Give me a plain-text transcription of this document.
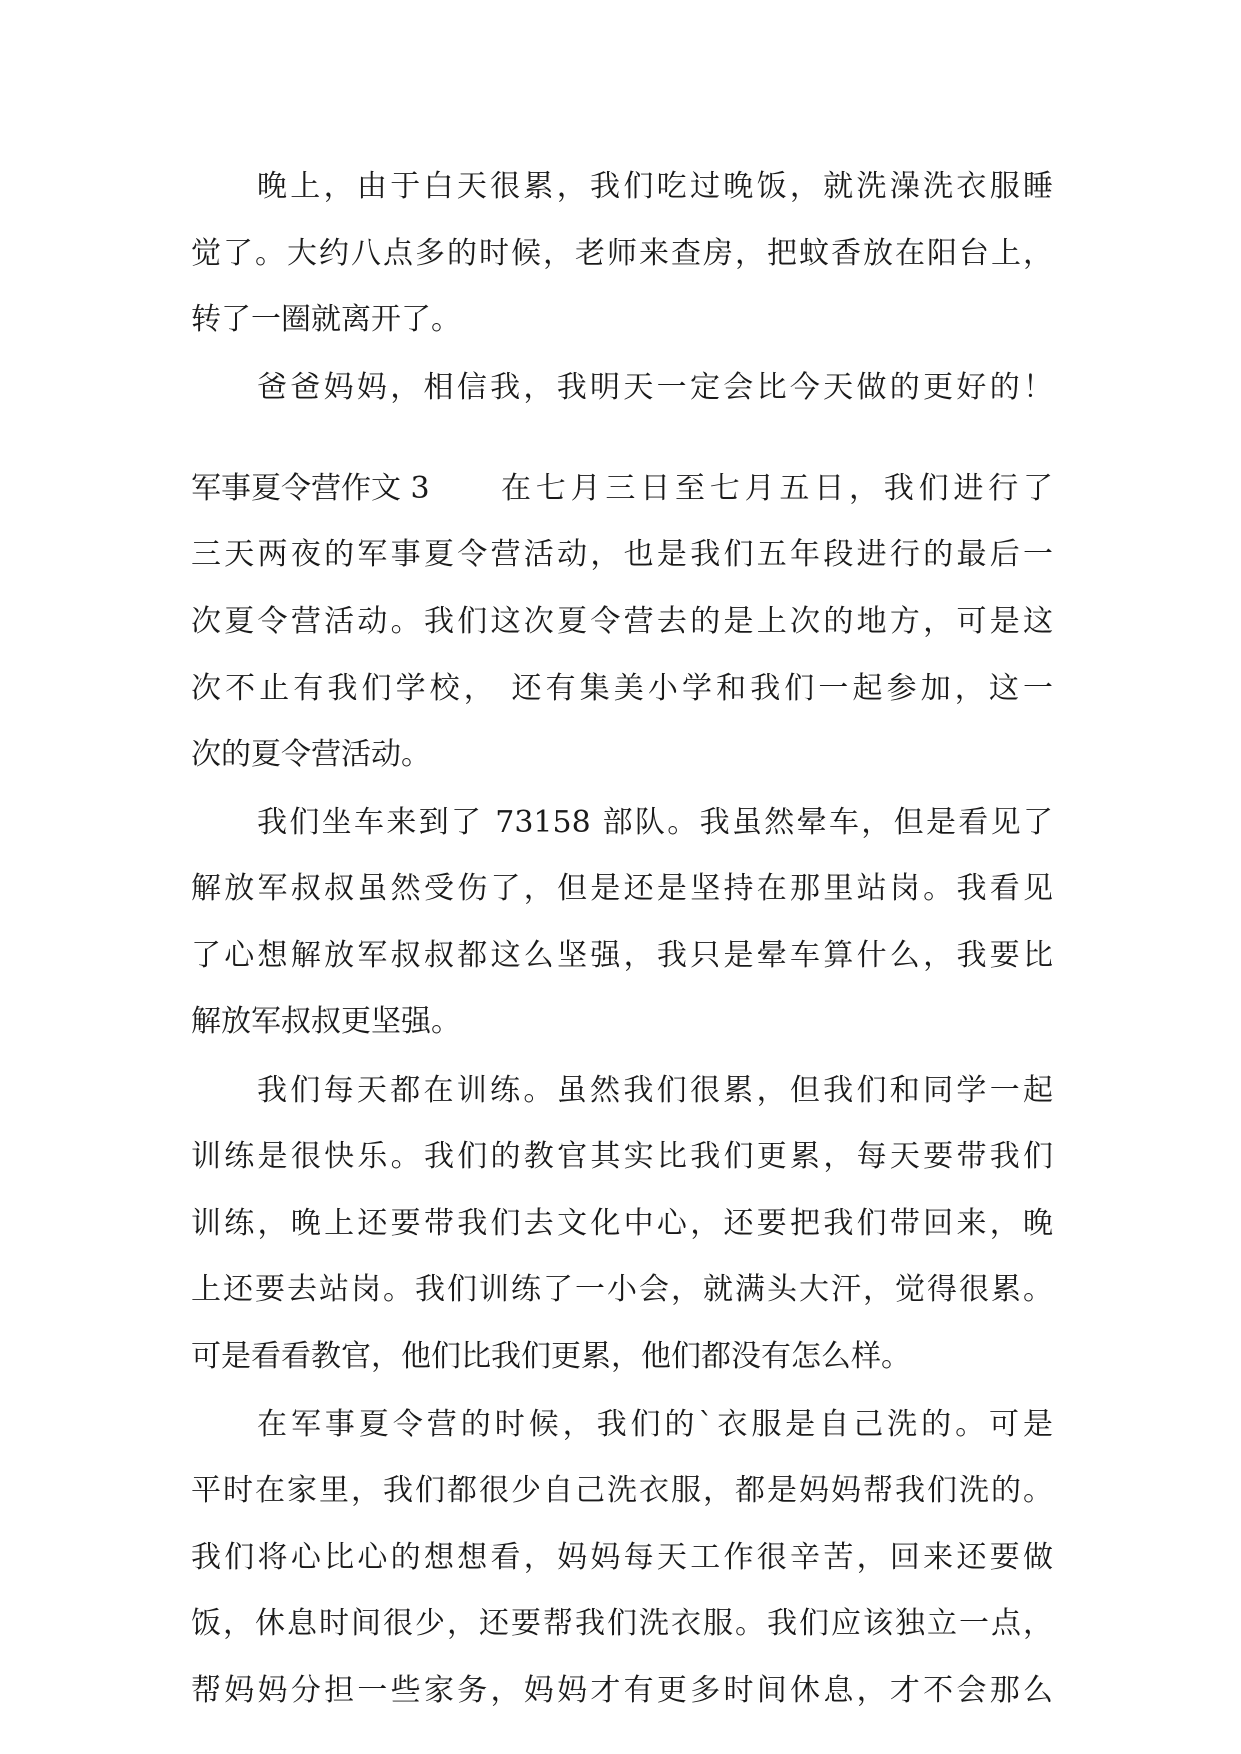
晚上，由于白天很累，我们吃过晚饭，就洗澡洗衣服睡
觉了。大约八点多的时候，老师来查房，把蚊香放在阳台上，
转了一圈就离开了。
爸爸妈妈，相信我，我明天一定会比今天做的更好的！
军事夏令营作文 3 在七月三日至七月五日，我们进行了
三天两夜的军事夏令营活动，也是我们五年段进行的最后一
次夏令营活动。我们这次夏令营去的是上次的地方，可是这
次不止有我们学校， 还有集美小学和我们一起参加，这一
次的夏令营活动。
我们坐车来到了 73158 部队。我虽然晕车，但是看见了
解放军叔叔虽然受伤了，但是还是坚持在那里站岗。我看见
了心想解放军叔叔都这么坚强，我只是晕车算什么，我要比
解放军叔叔更坚强。
我们每天都在训练。虽然我们很累，但我们和同学一起
训练是很快乐。我们的教官其实比我们更累，每天要带我们
训练，晚上还要带我们去文化中心，还要把我们带回来，晚
上还要去站岗。我们训练了一小会，就满头大汗，觉得很累。
可是看看教官，他们比我们更累，他们都没有怎么样。
在军事夏令营的时候，我们的`衣服是自己洗的。可是
平时在家里，我们都很少自己洗衣服，都是妈妈帮我们洗的。
我们将心比心的想想看，妈妈每天工作很辛苦，回来还要做
饭，休息时间很少，还要帮我们洗衣服。我们应该独立一点，
帮妈妈分担一些家务，妈妈才有更多时间休息，才不会那么
